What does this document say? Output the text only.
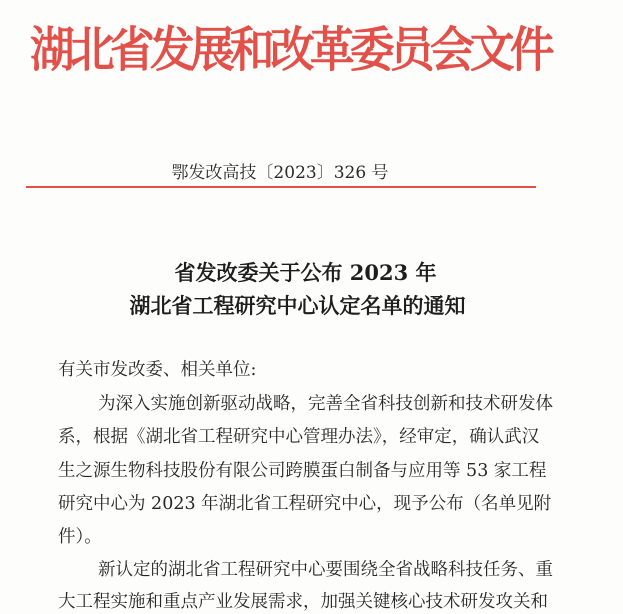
湖北省发展和改革委员会文件
鄂发改高技〔2023〕326 号
省发改委关于公布 2023 年
湖北省工程研究中心认定名单的通知

有关市发改委、相关单位:

为深入实施创新驱动战略，完善全省科技创新和技术研发体

系，根据《湖北省工程研究中心管理办法》，经审定，确认武汉

生之源生物科技股份有限公司跨膜蛋白制备与应用等 53 家工程

研究中心为 2023 年湖北省工程研究中心，现予公布（名单见附

件）。

新认定的湖北省工程研究中心要围绕全省战略科技任务、重

大工程实施和重点产业发展需求，加强关键核心技术研发攻关和
